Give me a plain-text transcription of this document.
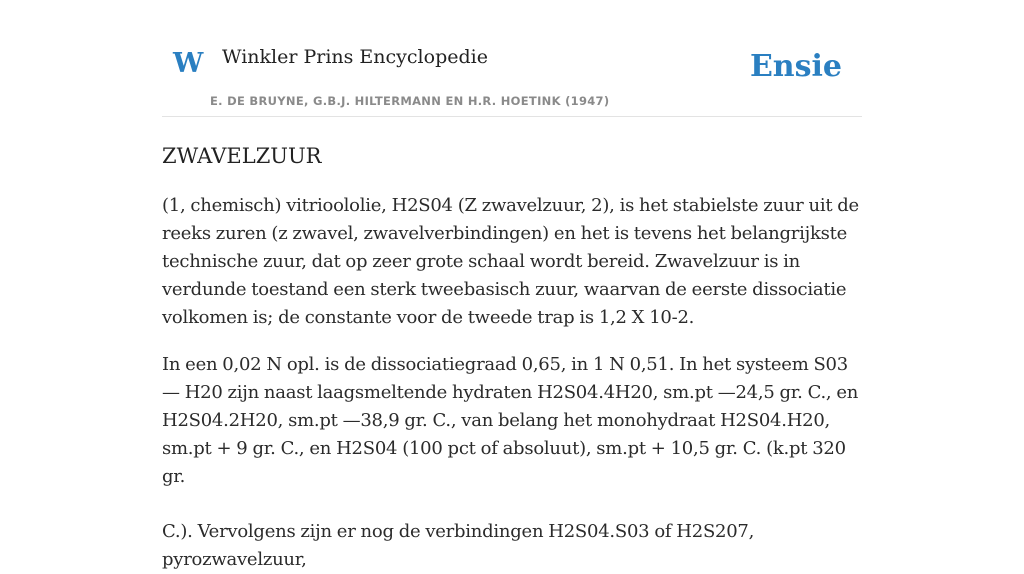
W Winkler Prins Encyclopedie
E. DE BRUYNE, G.B.J. HILTERMANN EN H.R. HOETINK (1947)
Ensie
ZWAVELZUUR

(1, chemisch) vitrioololie, H2S04 (Z zwavelzuur, 2), is het stabielste zuur uit de reeks zuren (z zwavel, zwavelverbindingen) en het is tevens het belangrijkste technische zuur, dat op zeer grote schaal wordt bereid. Zwavelzuur is in verdunde toestand een sterk tweebasisch zuur, waarvan de eerste dissociatie volkomen is; de constante voor de tweede trap is 1,2 X 10-2.

In een 0,02 N opl. is de dissociatiegraad 0,65, in 1 N 0,51. In het systeem S03— H20 zijn naast laagsmeltende hydraten H2S04.4H20, sm.pt —24,5 gr. C., en H2S04.2H20, sm.pt —38,9 gr. C., van belang het monohydraat H2S04.H20, sm.pt + 9 gr. C., en H2S04 (100 pct of absoluut), sm.pt + 10,5 gr. C. (k.pt 320 gr.

C.). Vervolgens zijn er nog de verbindingen H2S04.S03 of H2S207, pyrozwavelzuur,
